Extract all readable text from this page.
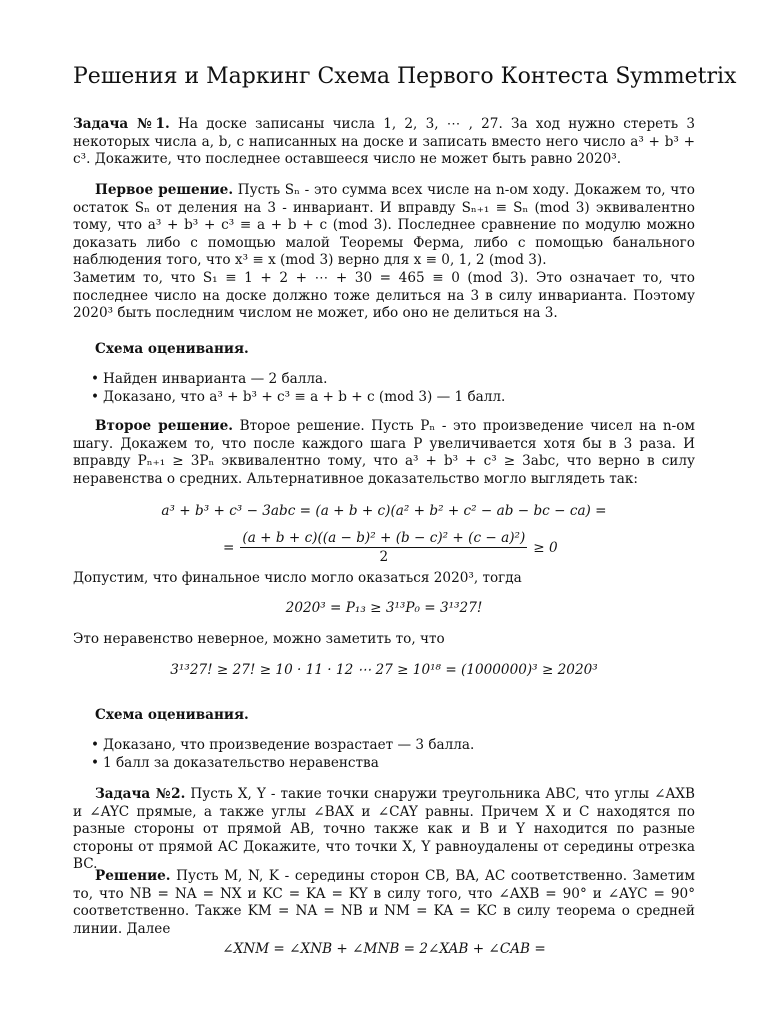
Решения и Маркинг Схема Первого Контеста Symmetrix
Задача №1. На доске записаны числа 1, 2, 3, ⋯ , 27. За ход нужно стереть 3 некоторых числа a, b, c написанных на доске и записать вместо него число a³ + b³ + c³. Докажите, что последнее оставшееся число не может быть равно 2020³.
Первое решение. Пусть Sₙ - это сумма всех числе на n-ом ходу. Докажем то, что остаток Sₙ от деления на 3 - инвариант. И вправду Sₙ₊₁ ≡ Sₙ (mod 3) эквивалентно тому, что a³ + b³ + c³ ≡ a + b + c (mod 3). Последнее сравнение по модулю можно доказать либо с помощью малой Теоремы Ферма, либо с помощью банального наблюдения того, что x³ ≡ x (mod 3) верно для x ≡ 0, 1, 2 (mod 3).
Заметим то, что S₁ ≡ 1 + 2 + ⋯ + 30 = 465 ≡ 0 (mod 3). Это означает то, что последнее число на доске должно тоже делиться на 3 в силу инварианта. Поэтому 2020³ быть последним числом не может, ибо оно не делиться на 3.
Схема оценивания.
• Найден инварианта — 2 балла.
• Доказано, что a³ + b³ + c³ ≡ a + b + c (mod 3) — 1 балл.
Второе решение. Второе решение. Пусть Pₙ - это произведение чисел на n-ом шагу. Докажем то, что после каждого шага P увеличивается хотя бы в 3 раза. И вправду Pₙ₊₁ ≥ 3Pₙ эквивалентно тому, что a³ + b³ + c³ ≥ 3abc, что верно в силу неравенства о средних. Альтернативное доказательство могло выглядеть так:
a³ + b³ + c³ − 3abc = (a + b + c)(a² + b² + c² − ab − bc − ca) =
= $\frac{\text{(a + b + c)((a − b)² + (b − c)² + (c − a)²)}}{2} \ge 0$
Допустим, что финальное число могло оказаться 2020³, тогда
2020³ = P₁₃ ≥ 3¹³P₀ = 3¹³27!
Это неравенство неверное, можно заметить то, что
3¹³27! ≥ 27! ≥ 10 · 11 · 12 ⋯ 27 ≥ 10¹⁸ = (1000000)³ ≥ 2020³
Схема оценивания.
• Доказано, что произведение возрастает — 3 балла.
• 1 балл за доказательство неравенства
Задача №2. Пусть X, Y - такие точки снаружи треугольника ABC, что углы ∠AXB и ∠AYC прямые, а также углы ∠BAX и ∠CAY равны. Причем X и C находятся по разные стороны от прямой AB, точно также как и B и Y находится по разные стороны от прямой AC Докажите, что точки X, Y равноудалены от середины отрезка BC.
Решение. Пусть M, N, K - середины сторон CB, BA, AC соответственно. Заметим то, что NB = NA = NX и KC = KA = KY в силу того, что ∠AXB = 90° и ∠AYC = 90° соответственно. Также KM = NA = NB и NM = KA = KC в силу теорема о средней линии. Далее
∠XNM = ∠XNB + ∠MNB = 2∠XAB + ∠CAB =
